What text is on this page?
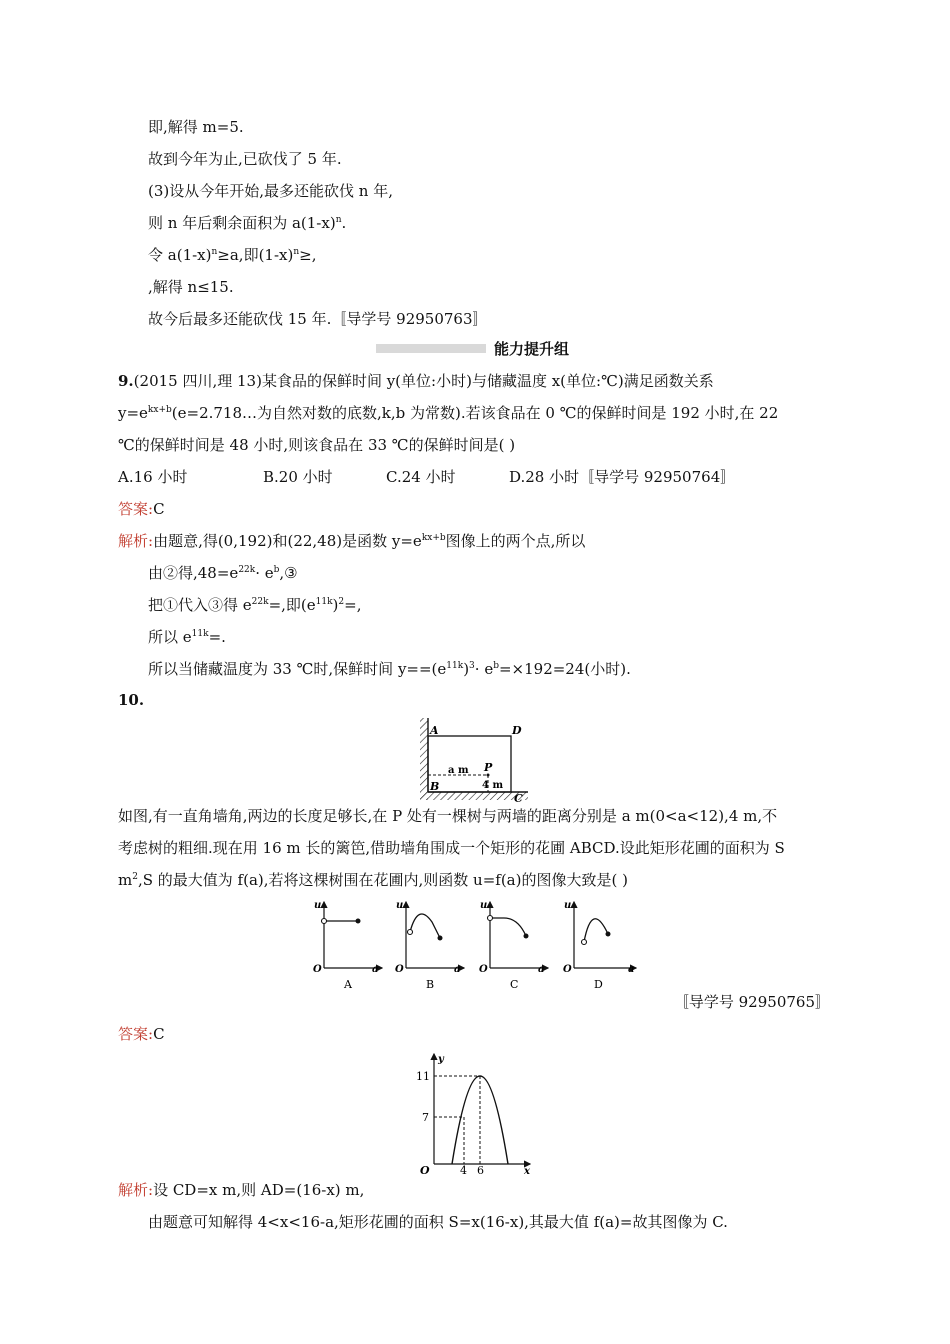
即,解得 m=5.
故到今年为止,已砍伐了 5 年.
(3)设从今年开始,最多还能砍伐 n 年,
则 n 年后剩余面积为 $a(1-x)^n$.
令 $a(1-x)^n\ge a$,即$(1-x)^n\ge$,
,解得 n≤15.
故今后最多还能砍伐 15 年.〚导学号 92950763〛
能力提升组
9.(2015 四川,理 13)某食品的保鲜时间 y(单位:小时)与储藏温度 x(单位:℃)满足函数关系
$y=e^{kx+b}(e=2.718\dots$为自然对数的底数,k,b 为常数).若该食品在 0 ℃的保鲜时间是 192 小时,在 22
℃的保鲜时间是 48 小时,则该食品在 33 ℃的保鲜时间是( )
A.16 小时	B.20 小时	C.24 小时	D.28 小时〚导学号 92950764〛
答案:C
解析:由题意,得(0,192)和(22,48)是函数 $y=e^{kx+b}$图像上的两个点,所以
由②得$,48=e^{22k}\cdot$ $e^b,③$
把①代入③得 $e^{22k}=$,即$(e^{11k})^2=$,
所以 $e^{11k}=$.
所以当储藏温度为 33 ℃时,保鲜时间 $y==(e^{11k})^3\cdot e^b=\times 192=24$(小时).
10.
A	D
B
C
P
a m
4 m
如图,有一直角墙角,两边的长度足够长,在 P 处有一棵树与两墙的距离分别是 a m(0<a<12),4 m,不
考虑树的粗细.现在用 16 m 长的篱笆,借助墙角围成一个矩形的花圃 ABCD.设此矩形花圃的面积为 S
$m^2,S$ 的最大值为 f(a),若将这棵树围在花圃内,则函数 u=f(a)的图像大致是( )
u
O	a
A
u
O	a
B
u
O	a
C
u
O	a
D
〚导学号 92950765〛
答案:C
y
x
O
11
7
4 6
解析:设 CD=x m,则 AD=(16-x) m,
由题意可知解得 4<x<16-a,矩形花圃的面积 S=x(16-x),其最大值 f(a)=故其图像为 C.
